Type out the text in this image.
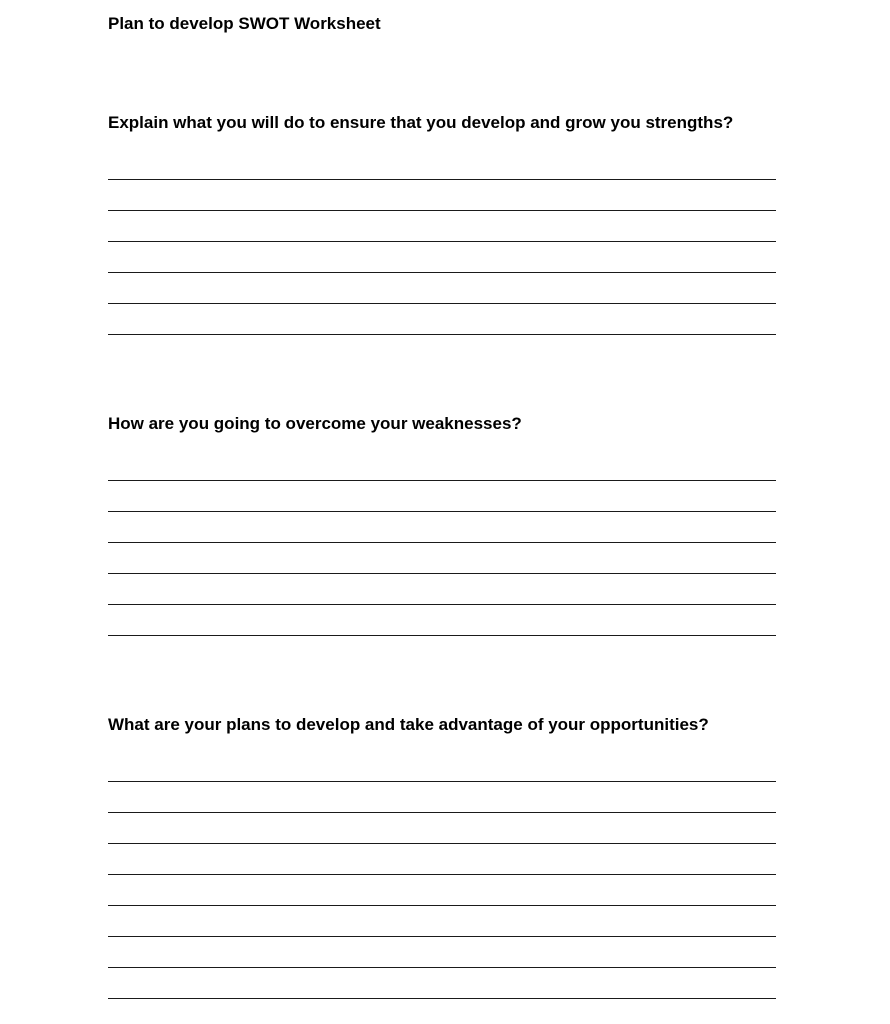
Plan to develop SWOT Worksheet
Explain what you will do to ensure that you develop and grow you strengths?
How are you going to overcome your weaknesses?
What are your plans to develop and take advantage of your opportunities?
